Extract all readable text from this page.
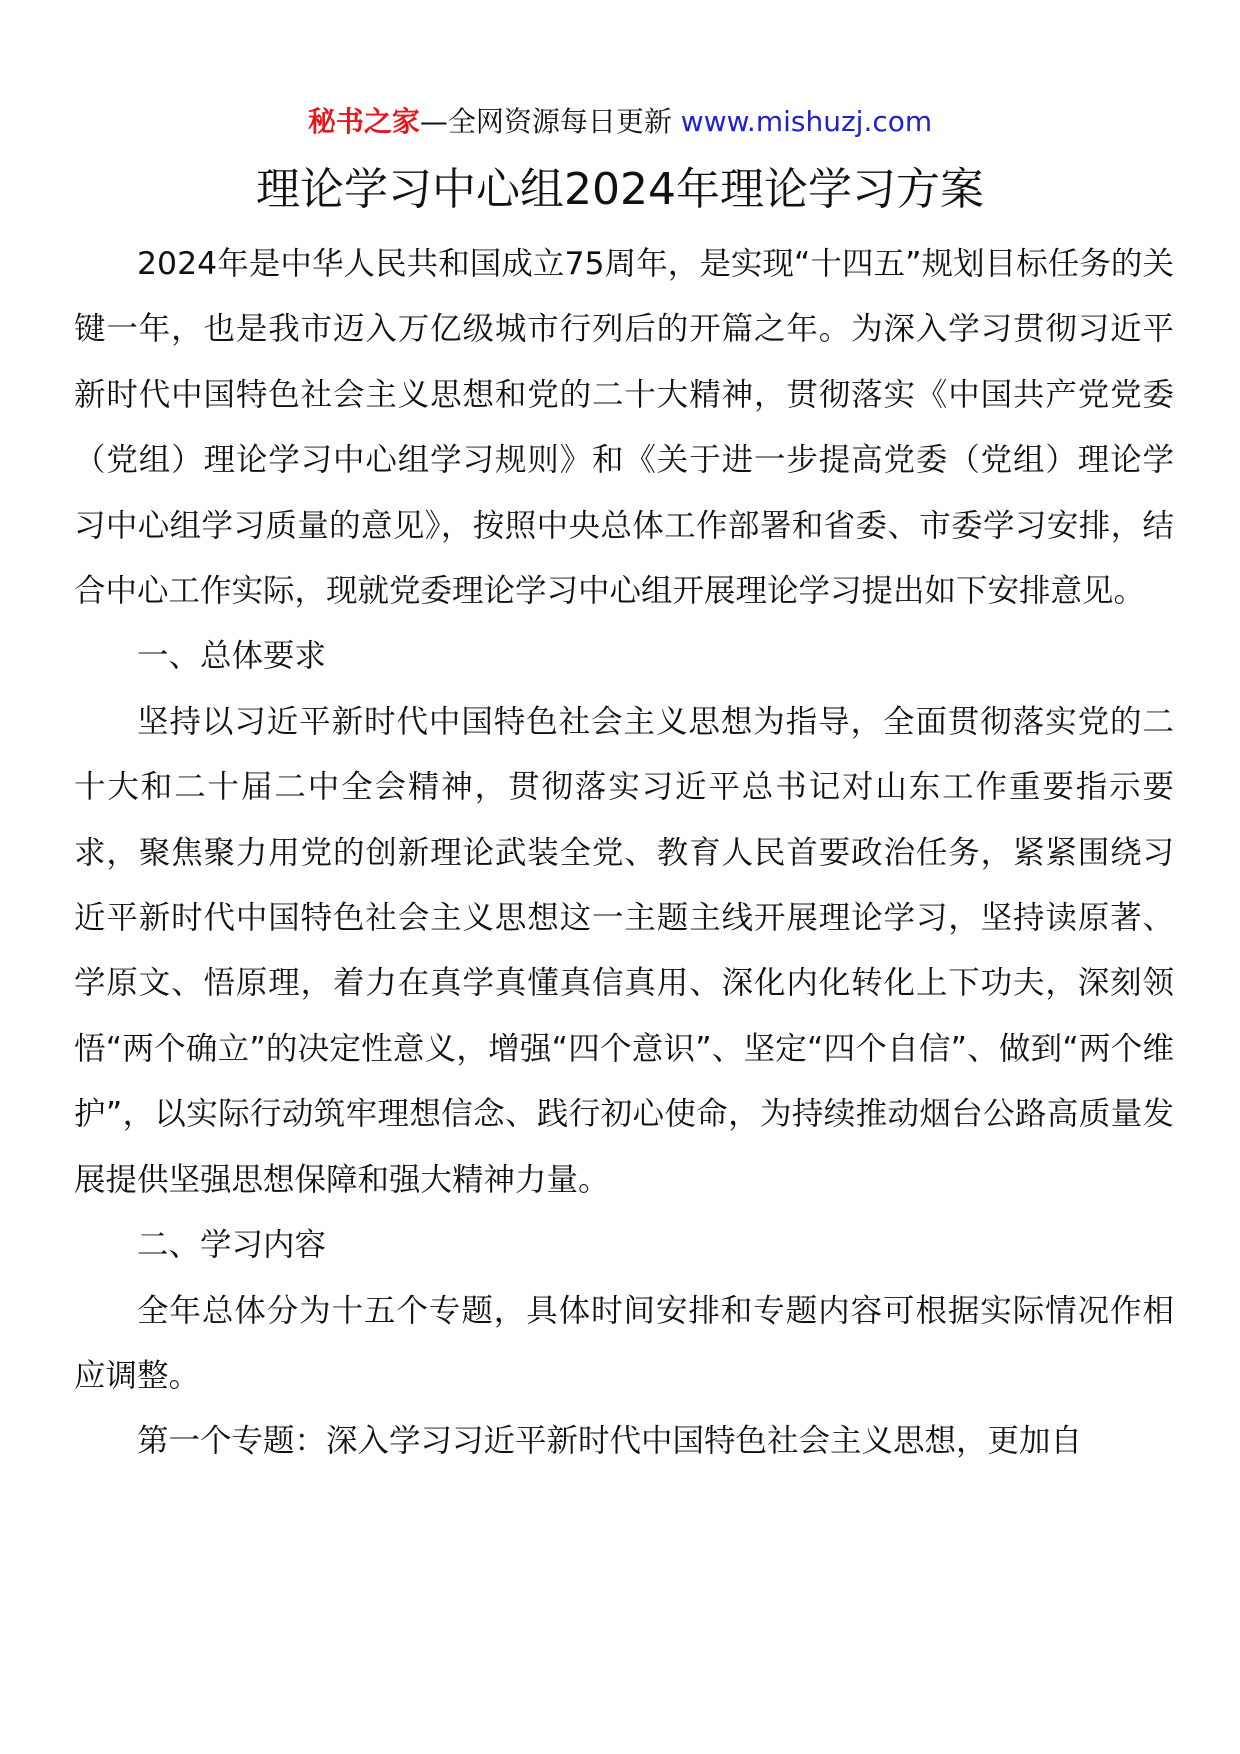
秘书之家—全网资源每日更新 www.mishuzj.com
理论学习中心组2024年理论学习方案

2024年是中华人民共和国成立75周年，是实现“十四五”规划目标任务的关键一年，也是我市迈入万亿级城市行列后的开篇之年。为深入学习贯彻习近平新时代中国特色社会主义思想和党的二十大精神，贯彻落实《中国共产党党委（党组）理论学习中心组学习规则》和《关于进一步提高党委（党组）理论学习中心组学习质量的意见》，按照中央总体工作部署和省委、市委学习安排，结合中心工作实际，现就党委理论学习中心组开展理论学习提出如下安排意见。

一、总体要求

坚持以习近平新时代中国特色社会主义思想为指导，全面贯彻落实党的二十大和二十届二中全会精神，贯彻落实习近平总书记对山东工作重要指示要求，聚焦聚力用党的创新理论武装全党、教育人民首要政治任务，紧紧围绕习近平新时代中国特色社会主义思想这一主题主线开展理论学习，坚持读原著、学原文、悟原理，着力在真学真懂真信真用、深化内化转化上下功夫，深刻领悟“两个确立”的决定性意义，增强“四个意识”、坚定“四个自信”、做到“两个维护”，以实际行动筑牢理想信念、践行初心使命，为持续推动烟台公路高质量发展提供坚强思想保障和强大精神力量。

二、学习内容

全年总体分为十五个专题，具体时间安排和专题内容可根据实际情况作相应调整。

第一个专题：深入学习习近平新时代中国特色社会主义思想，更加自
